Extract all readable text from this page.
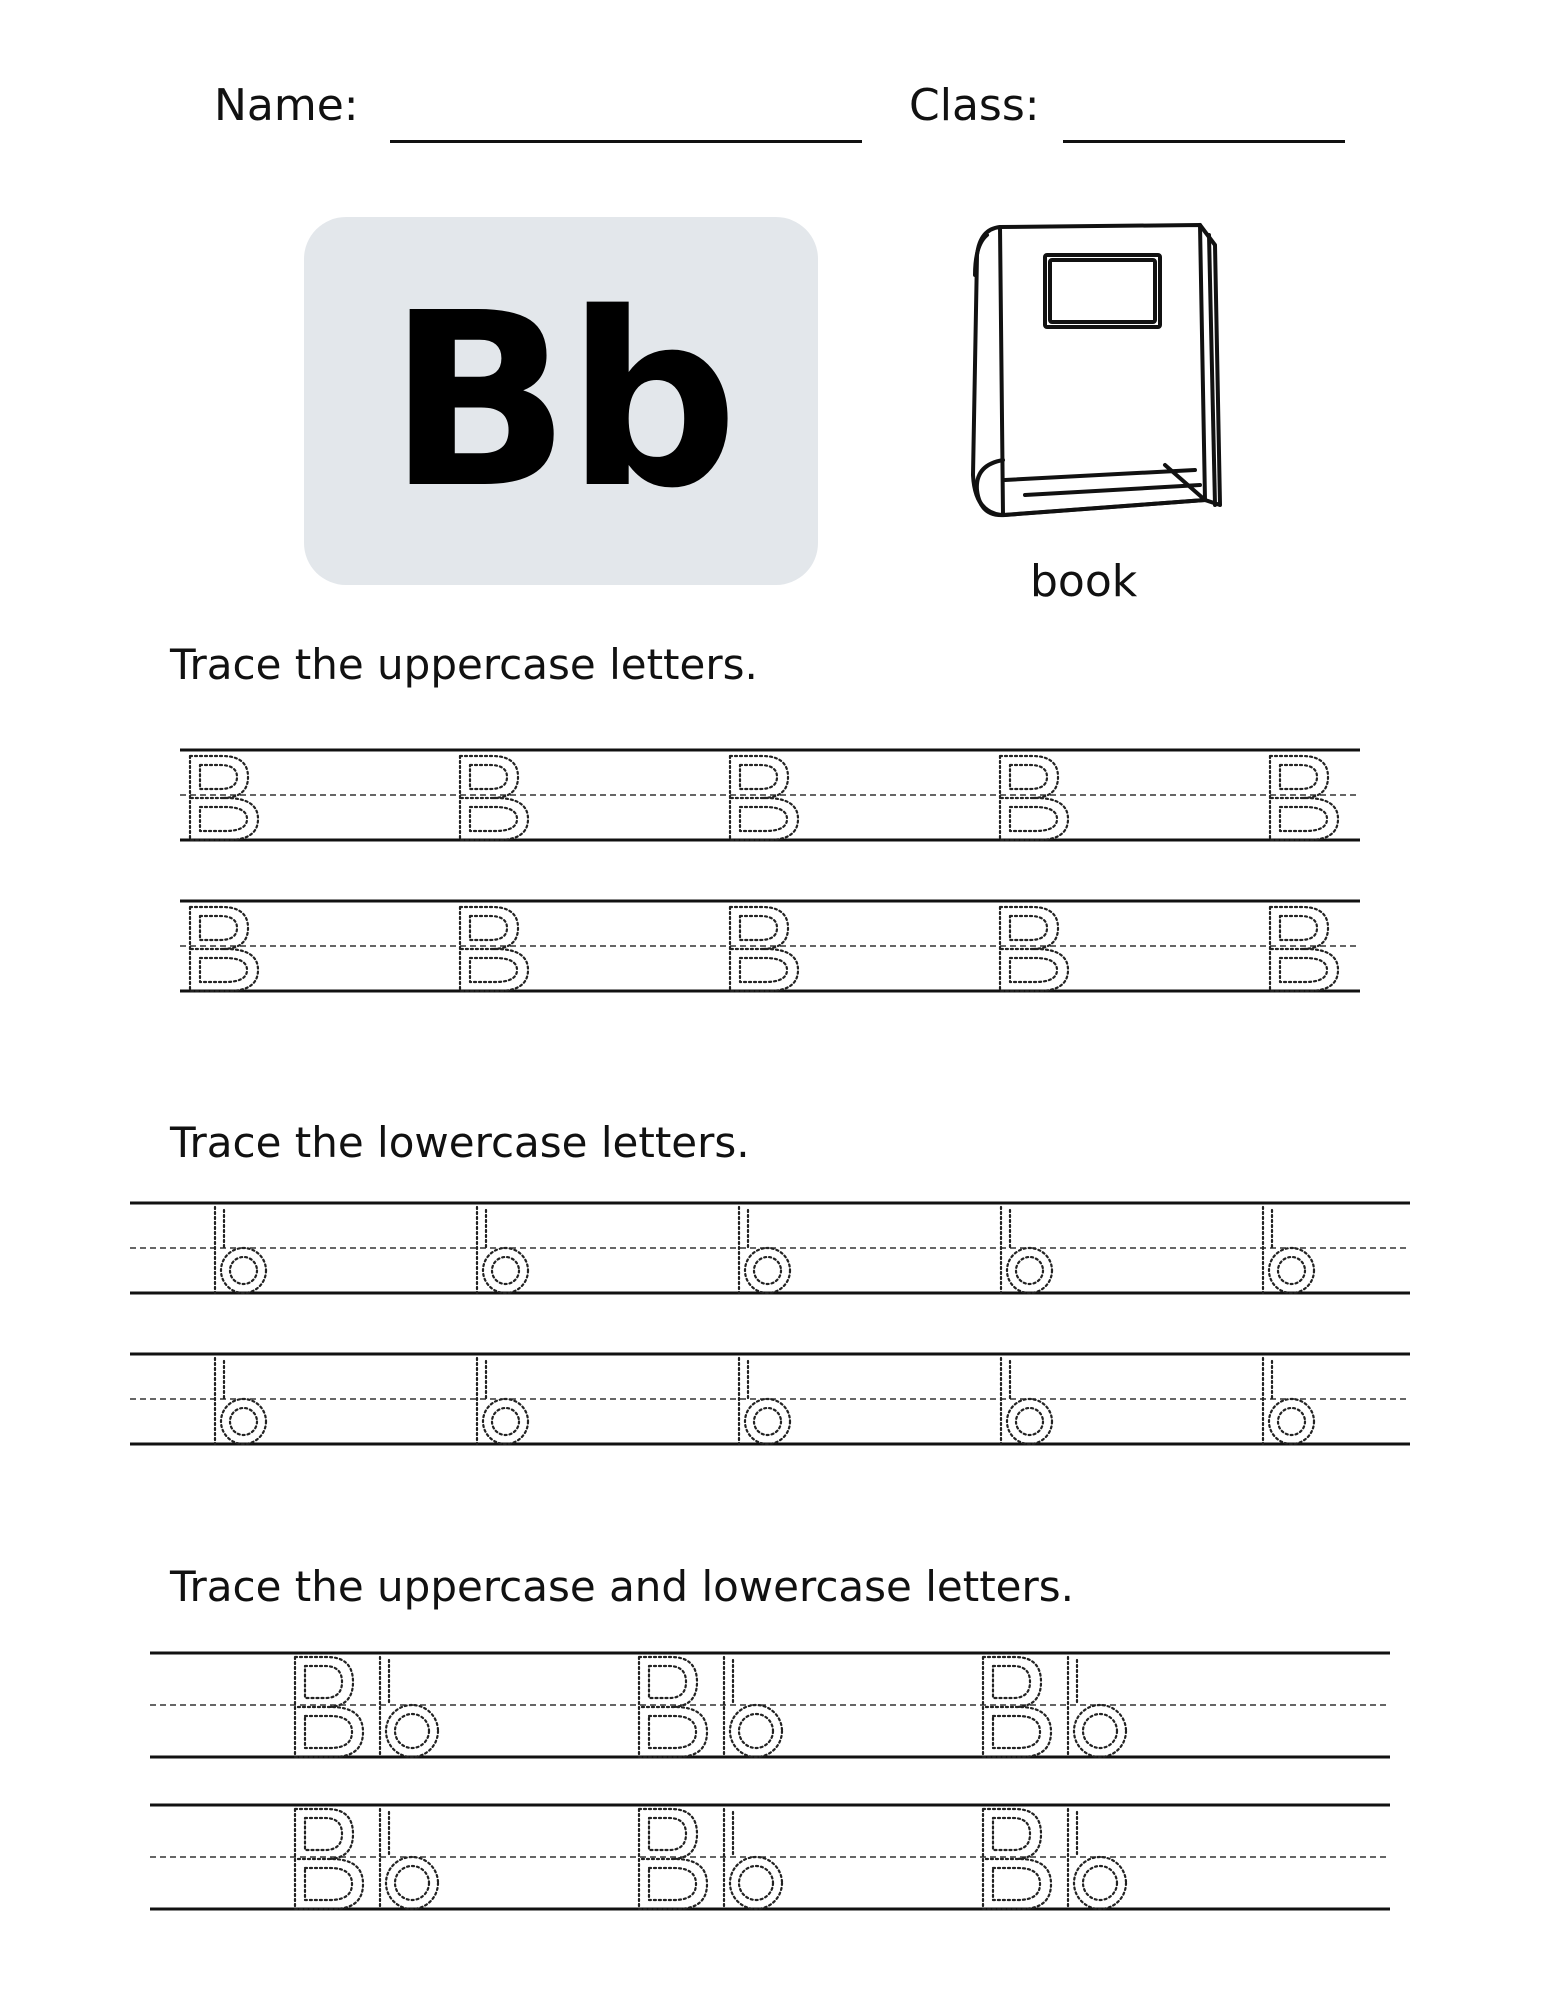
Name:	Class:
Bb
book
Trace the uppercase letters.
Trace the lowercase letters.
Trace the uppercase and lowercase letters.
